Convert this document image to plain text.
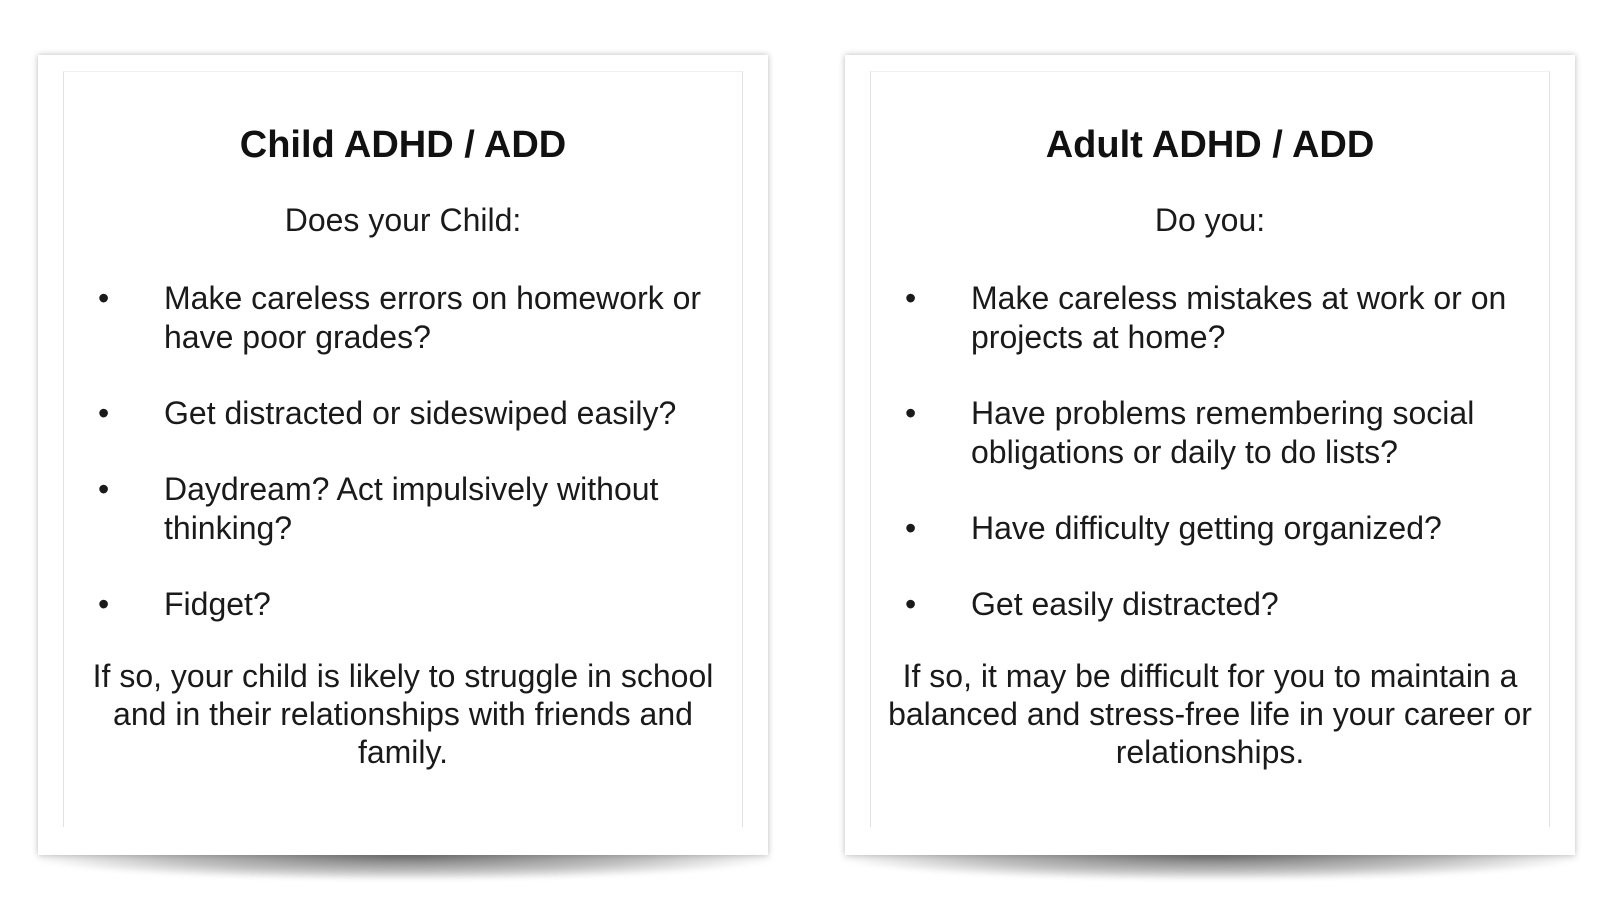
Child ADHD / ADD

Does your Child:

• Make careless errors on homework or have poor grades?
• Get distracted or sideswiped easily?
• Daydream? Act impulsively without thinking?
• Fidget?

If so, your child is likely to struggle in school and in their relationships with friends and family.

Adult ADHD / ADD

Do you:

• Make careless mistakes at work or on projects at home?
• Have problems remembering social obligations or daily to do lists?
• Have difficulty getting organized?
• Get easily distracted?

If so, it may be difficult for you to maintain a balanced and stress-free life in your career or relationships.
